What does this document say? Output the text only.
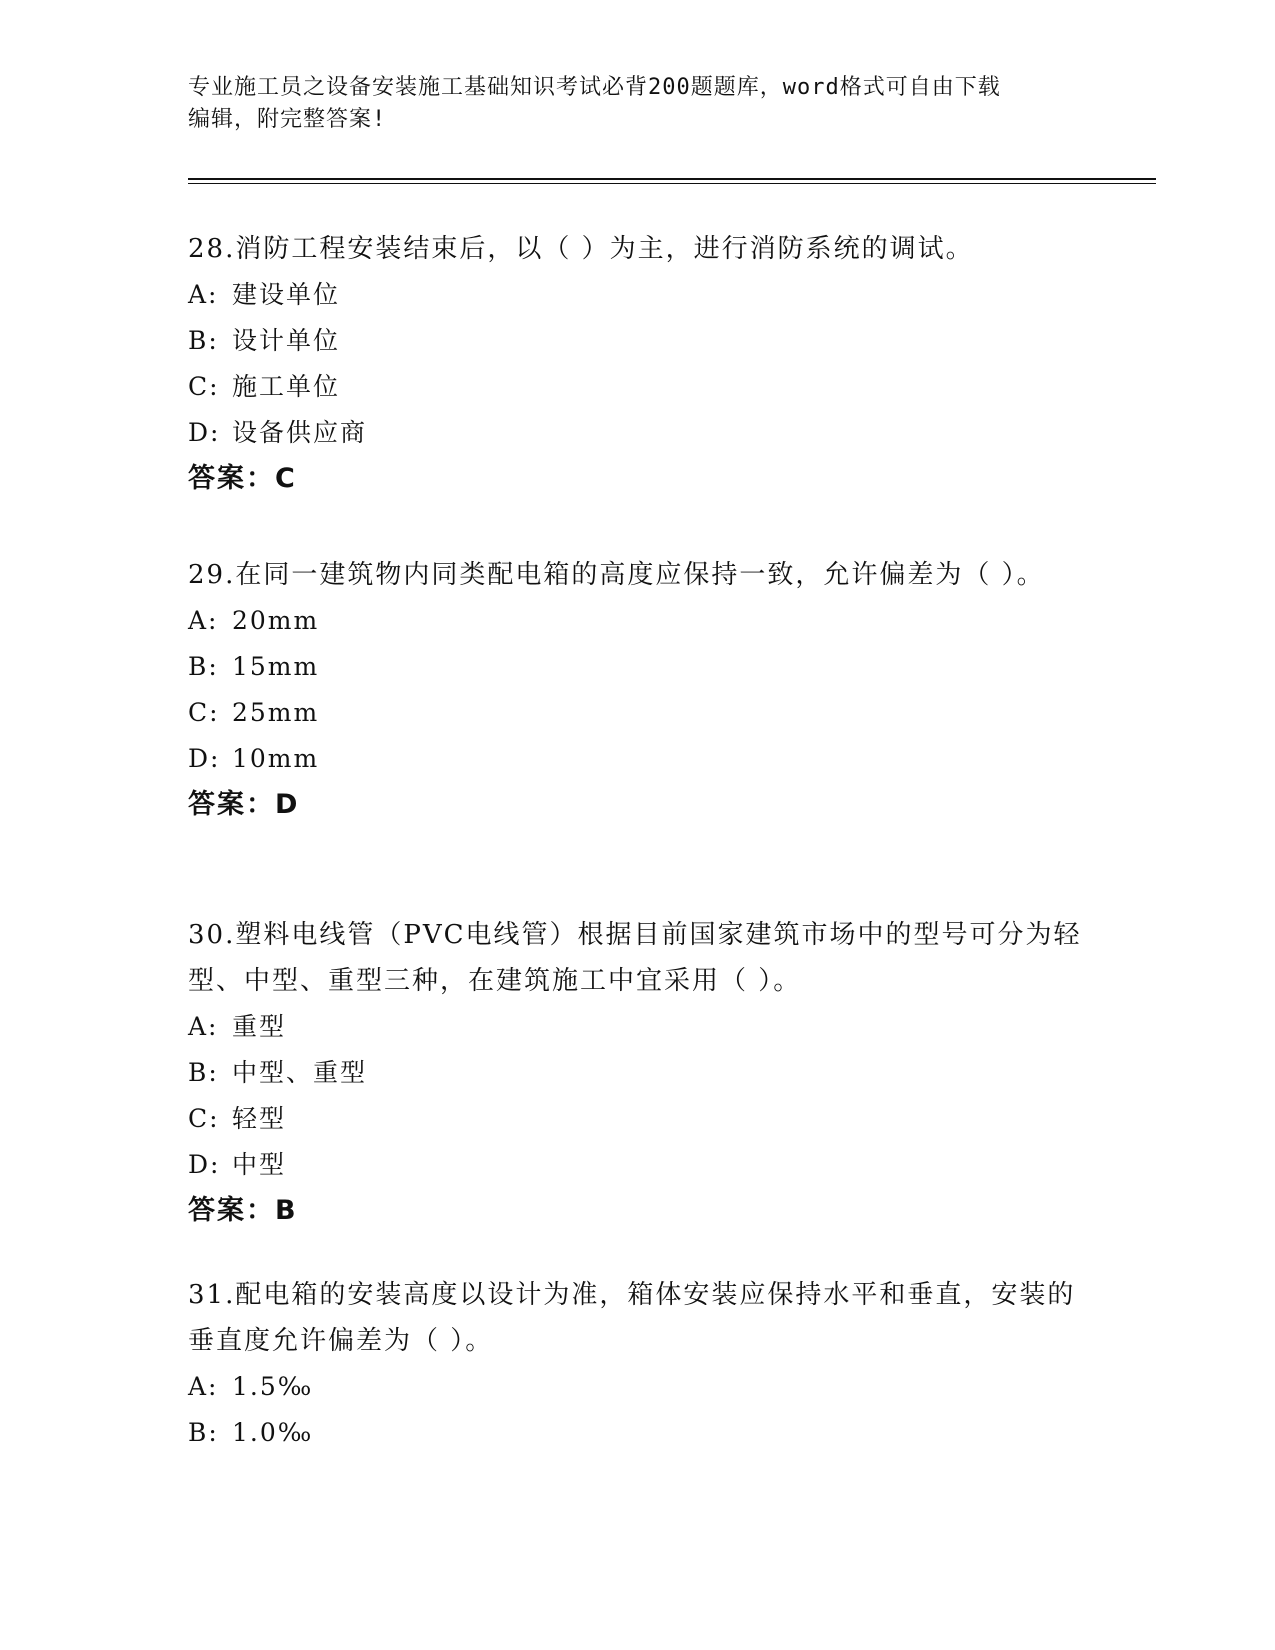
专业施工员之设备安装施工基础知识考试必背200题题库，word格式可自由下载
编辑，附完整答案!

28.消防工程安装结束后，以（ ）为主，进行消防系统的调试。

A: 建设单位

B: 设计单位

C: 施工单位

D: 设备供应商

答案：C

29.在同一建筑物内同类配电箱的高度应保持一致，允许偏差为（ ）。

A: 20mm

B: 15mm

C: 25mm

D: 10mm

答案：D

30.塑料电线管（PVC电线管）根据目前国家建筑市场中的型号可分为轻型、中型、重型三种，在建筑施工中宜采用（ ）。

A: 重型

B: 中型、重型

C: 轻型

D: 中型

答案：B

31.配电箱的安装高度以设计为准，箱体安装应保持水平和垂直，安装的垂直度允许偏差为（ ）。

A: 1.5‰

B: 1.0‰
